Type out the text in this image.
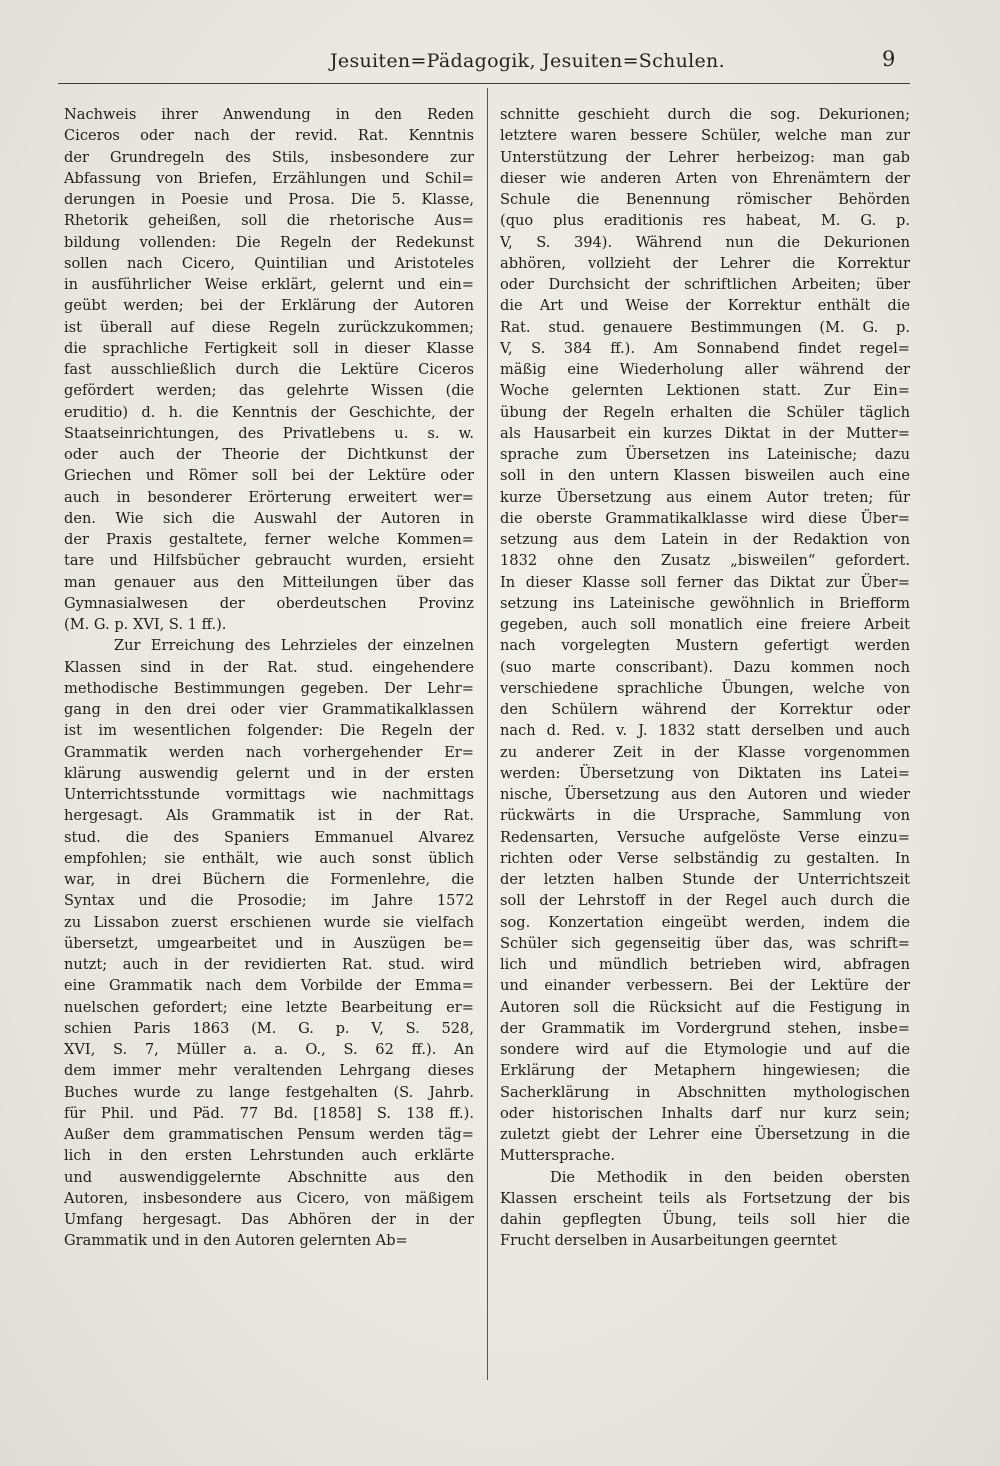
Jesuiten=Pädagogik, Jesuiten=Schulen.	9
Nachweis ihrer Anwendung in den Reden
Ciceros oder nach der revid. Rat. Kenntnis
der Grundregeln des Stils, insbesondere zur
Abfassung von Briefen, Erzählungen und Schil=
derungen in Poesie und Prosa. Die 5. Klasse,
Rhetorik geheißen, soll die rhetorische Aus=
bildung vollenden: Die Regeln der Redekunst
sollen nach Cicero, Quintilian und Aristoteles
in ausführlicher Weise erklärt, gelernt und ein=
geübt werden; bei der Erklärung der Autoren
ist überall auf diese Regeln zurückzukommen;
die sprachliche Fertigkeit soll in dieser Klasse
fast ausschließlich durch die Lektüre Ciceros
gefördert werden; das gelehrte Wissen (die
eruditio) d. h. die Kenntnis der Geschichte, der
Staatseinrichtungen, des Privatlebens u. s. w.
oder auch der Theorie der Dichtkunst der
Griechen und Römer soll bei der Lektüre oder
auch in besonderer Erörterung erweitert wer=
den. Wie sich die Auswahl der Autoren in
der Praxis gestaltete, ferner welche Kommen=
tare und Hilfsbücher gebraucht wurden, ersieht
man genauer aus den Mitteilungen über das
Gymnasialwesen der oberdeutschen Provinz
(M. G. p. XVI, S. 1 ff.).
Zur Erreichung des Lehrzieles der einzelnen
Klassen sind in der Rat. stud. eingehendere
methodische Bestimmungen gegeben. Der Lehr=
gang in den drei oder vier Grammatikalklassen
ist im wesentlichen folgender: Die Regeln der
Grammatik werden nach vorhergehender Er=
klärung auswendig gelernt und in der ersten
Unterrichtsstunde vormittags wie nachmittags
hergesagt. Als Grammatik ist in der Rat.
stud. die des Spaniers Emmanuel Alvarez
empfohlen; sie enthält, wie auch sonst üblich
war, in drei Büchern die Formenlehre, die
Syntax und die Prosodie; im Jahre 1572
zu Lissabon zuerst erschienen wurde sie vielfach
übersetzt, umgearbeitet und in Auszügen be=
nutzt; auch in der revidierten Rat. stud. wird
eine Grammatik nach dem Vorbilde der Emma=
nuelschen gefordert; eine letzte Bearbeitung er=
schien Paris 1863 (M. G. p. V, S. 528,
XVI, S. 7, Müller a. a. O., S. 62 ff.). An
dem immer mehr veraltenden Lehrgang dieses
Buches wurde zu lange festgehalten (S. Jahrb.
für Phil. und Päd. 77 Bd. [1858] S. 138 ff.).
Außer dem grammatischen Pensum werden täg=
lich in den ersten Lehrstunden auch erklärte
und auswendiggelernte Abschnitte aus den
Autoren, insbesondere aus Cicero, von mäßigem
Umfang hergesagt. Das Abhören der in der
Grammatik und in den Autoren gelernten Ab=
schnitte geschieht durch die sog. Dekurionen;
letztere waren bessere Schüler, welche man zur
Unterstützung der Lehrer herbeizog: man gab
dieser wie anderen Arten von Ehrenämtern der
Schule die Benennung römischer Behörden
(quo plus eraditionis res habeat, M. G. p.
V, S. 394). Während nun die Dekurionen
abhören, vollzieht der Lehrer die Korrektur
oder Durchsicht der schriftlichen Arbeiten; über
die Art und Weise der Korrektur enthält die
Rat. stud. genauere Bestimmungen (M. G. p.
V, S. 384 ff.). Am Sonnabend findet regel=
mäßig eine Wiederholung aller während der
Woche gelernten Lektionen statt. Zur Ein=
übung der Regeln erhalten die Schüler täglich
als Hausarbeit ein kurzes Diktat in der Mutter=
sprache zum Übersetzen ins Lateinische; dazu
soll in den untern Klassen bisweilen auch eine
kurze Übersetzung aus einem Autor treten; für
die oberste Grammatikalklasse wird diese Über=
setzung aus dem Latein in der Redaktion von
1832 ohne den Zusatz „bisweilen“ gefordert.
In dieser Klasse soll ferner das Diktat zur Über=
setzung ins Lateinische gewöhnlich in Briefform
gegeben, auch soll monatlich eine freiere Arbeit
nach vorgelegten Mustern gefertigt werden
(suo marte conscribant). Dazu kommen noch
verschiedene sprachliche Übungen, welche von
den Schülern während der Korrektur oder
nach d. Red. v. J. 1832 statt derselben und auch
zu anderer Zeit in der Klasse vorgenommen
werden: Übersetzung von Diktaten ins Latei=
nische, Übersetzung aus den Autoren und wieder
rückwärts in die Ursprache, Sammlung von
Redensarten, Versuche aufgelöste Verse einzu=
richten oder Verse selbständig zu gestalten. In
der letzten halben Stunde der Unterrichtszeit
soll der Lehrstoff in der Regel auch durch die
sog. Konzertation eingeübt werden, indem die
Schüler sich gegenseitig über das, was schrift=
lich und mündlich betrieben wird, abfragen
und einander verbessern. Bei der Lektüre der
Autoren soll die Rücksicht auf die Festigung in
der Grammatik im Vordergrund stehen, insbe=
sondere wird auf die Etymologie und auf die
Erklärung der Metaphern hingewiesen; die
Sacherklärung in Abschnitten mythologischen
oder historischen Inhalts darf nur kurz sein;
zuletzt giebt der Lehrer eine Übersetzung in die
Muttersprache.
Die Methodik in den beiden obersten
Klassen erscheint teils als Fortsetzung der bis
dahin gepflegten Übung, teils soll hier die
Frucht derselben in Ausarbeitungen geerntet
